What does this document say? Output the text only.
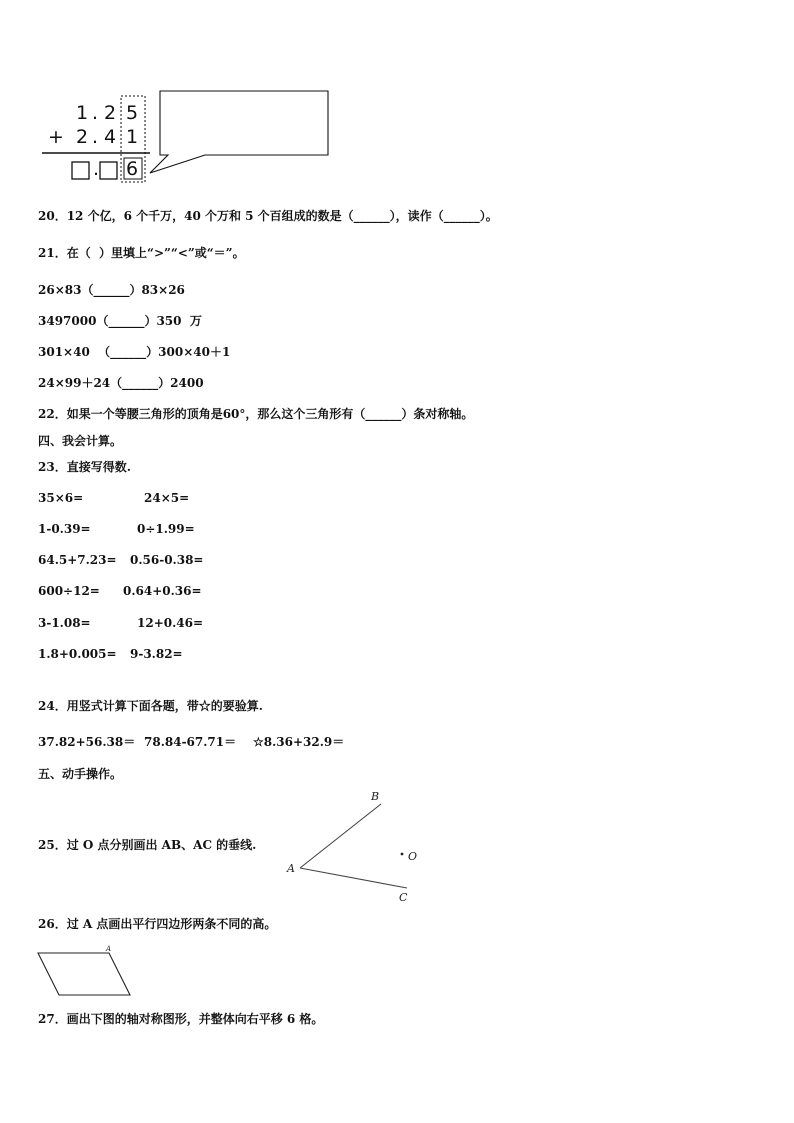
1 . 2 5
+ 2 . 4 1
. 6
A
B
C
O
A
20．12 个亿，6 个千万，40 个万和 5 个百组成的数是（______），读作（______）。
21．在（  ）里填上“>”“<”或“＝”。
26×83（______）83×26
3497000（______）350  万
301×40  （______）300×40＋1
24×99＋24（______）2400
22．如果一个等腰三角形的顶角是60°，那么这个三角形有（______）条对称轴。
四、我会计算。
23．直接写得数.
35×6=	24×5=
1-0.39=	0÷1.99=
64.5+7.23= 0.56-0.38=
600÷12= 0.64+0.36=
3-1.08=	12+0.46=
1.8+0.005= 9-3.82=
24．用竖式计算下面各题，带☆的要验算.
37.82+56.38＝ 78.84-67.71＝ ☆8.36+32.9＝
五、动手操作。
25．过 O 点分别画出 AB、AC 的垂线.
26．过 A 点画出平行四边形两条不同的高。
27．画出下图的轴对称图形，并整体向右平移 6 格。
